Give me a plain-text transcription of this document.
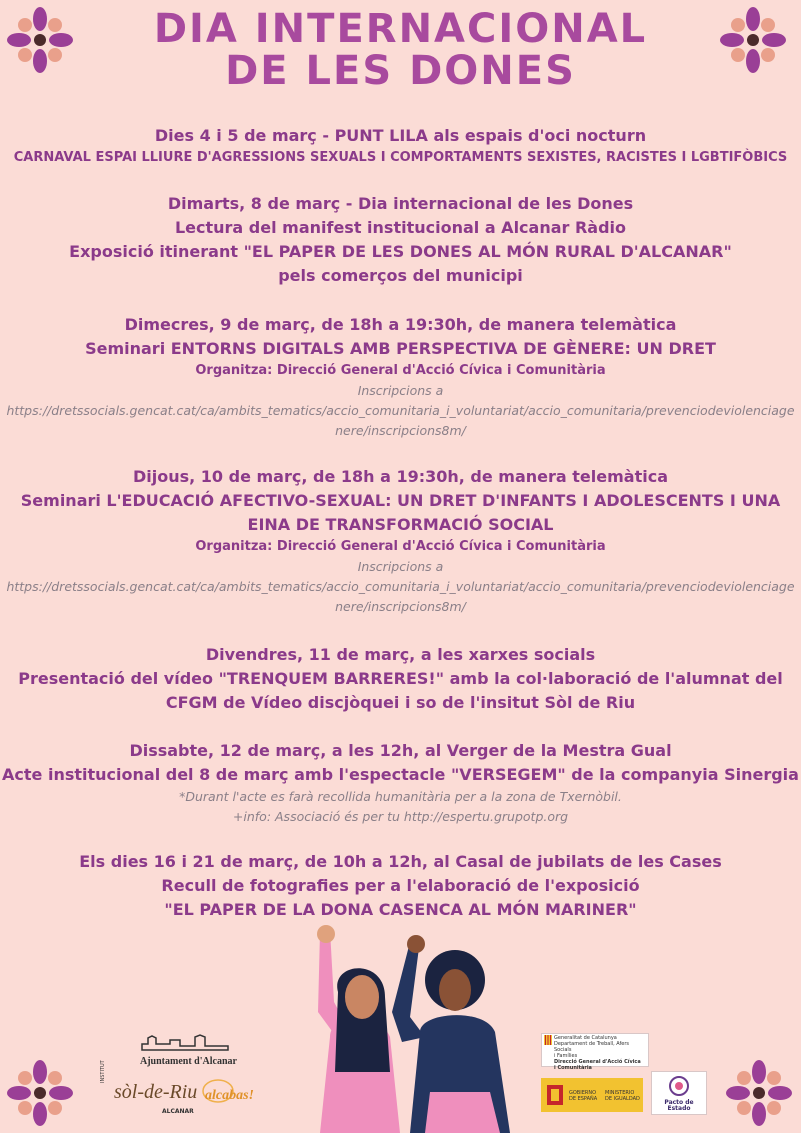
DIA INTERNACIONAL
DE LES DONES

Dies 4 i 5 de març - PUNT LILA als espais d'oci nocturn

CARNAVAL ESPAI LLIURE D'AGRESSIONS SEXUALS I COMPORTAMENTS SEXISTES, RACISTES I LGBTIFÒBICS

Dimarts, 8 de març - Dia internacional de les Dones

Lectura del manifest institucional a Alcanar Ràdio

Exposició itinerant "EL PAPER DE LES DONES AL MÓN RURAL D'ALCANAR"

pels comerços del municipi

Dimecres, 9 de març, de 18h a 19:30h, de manera telemàtica

Seminari ENTORNS DIGITALS AMB PERSPECTIVA DE GÈNERE: UN DRET

Organitza: Direcció General d'Acció Cívica i Comunitària

Inscripcions a

https://dretssocials.gencat.cat/ca/ambits_tematics/accio_comunitaria_i_voluntariat/accio_comunitaria/prevenciodeviolenciage

nere/inscripcions8m/

Dijous, 10 de març, de 18h a 19:30h, de manera telemàtica

Seminari L'EDUCACIÓ AFECTIVO-SEXUAL: UN DRET D'INFANTS I ADOLESCENTS I UNA

EINA DE TRANSFORMACIÓ SOCIAL

Organitza: Direcció General d'Acció Cívica i Comunitària

Inscripcions a

https://dretssocials.gencat.cat/ca/ambits_tematics/accio_comunitaria_i_voluntariat/accio_comunitaria/prevenciodeviolenciage

nere/inscripcions8m/

Divendres, 11 de març, a les xarxes socials

Presentació del vídeo "TRENQUEM BARRERES!" amb la col·laboració de l'alumnat del

CFGM de Vídeo discjòquei i so de l'insitut Sòl de Riu

Dissabte, 12 de març, a les 12h, al Verger de la Mestra Gual

Acte institucional del 8 de març amb l'espectacle "VERSEGEM" de la companyia Sinergia

*Durant l'acte es farà recollida humanitària per a la zona de Txernòbil.

+info: Associació és per tu http://espertu.grupotp.org

Els dies 16 i 21 de març, de 10h a 12h, al Casal de jubilats de les Cases

Recull de fotografies per a l'elaboració de l'exposició

"EL PAPER DE LA DONA CASENCA AL MÓN MARINER"

Ajuntament d'Alcanar
INSTITUT
sòl-de-Riu
ALCANAR
alcabas!
Generalitat de Catalunya
Departament de Treball, Afers Socials
i Famílies
Direcció General d'Acció Cívica
i Comunitària
GOBIERNO
DE ESPAÑA
MINISTERIO
DE IGUALDAD	Pacto de Estado
